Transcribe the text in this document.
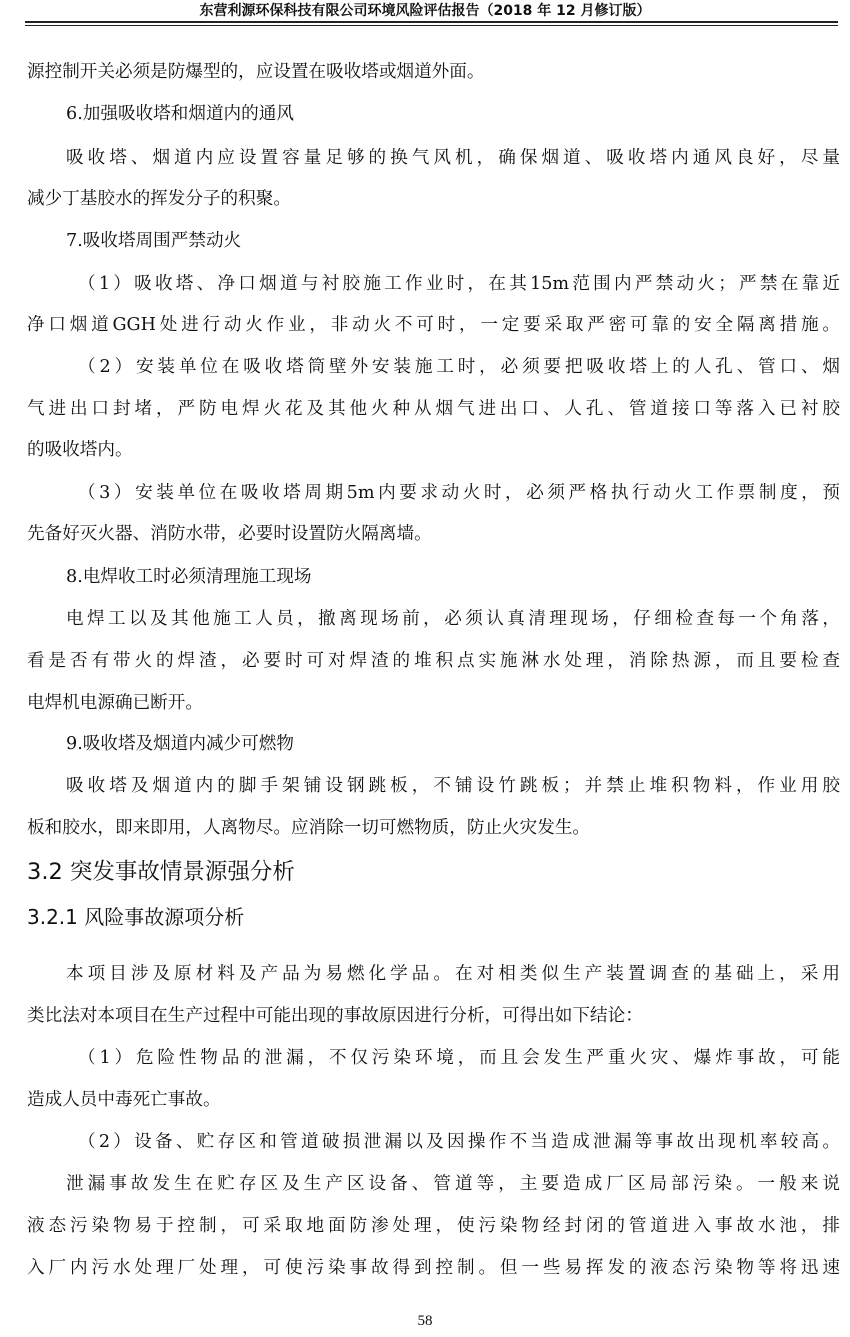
东营利源环保科技有限公司环境风险评估报告（2018 年 12 月修订版）
源控制开关必须是防爆型的，应设置在吸收塔或烟道外面。
6.加强吸收塔和烟道内的通风
吸收塔、烟道内应设置容量足够的换气风机，确保烟道、吸收塔内通风良好，尽量
减少丁基胶水的挥发分子的积聚。
7.吸收塔周围严禁动火
（1）吸收塔、净口烟道与衬胶施工作业时，在其15m范围内严禁动火；严禁在靠近
净口烟道GGH处进行动火作业，非动火不可时，一定要采取严密可靠的安全隔离措施。
（2）安装单位在吸收塔筒壁外安装施工时，必须要把吸收塔上的人孔、管口、烟
气进出口封堵，严防电焊火花及其他火种从烟气进出口、人孔、管道接口等落入已衬胶
的吸收塔内。
（3）安装单位在吸收塔周期5m内要求动火时，必须严格执行动火工作票制度，预
先备好灭火器、消防水带，必要时设置防火隔离墙。
8.电焊收工时必须清理施工现场
电焊工以及其他施工人员，撤离现场前，必须认真清理现场，仔细检查每一个角落，
看是否有带火的焊渣，必要时可对焊渣的堆积点实施淋水处理，消除热源，而且要检查
电焊机电源确已断开。
9.吸收塔及烟道内减少可燃物
吸收塔及烟道内的脚手架铺设钢跳板，不铺设竹跳板；并禁止堆积物料，作业用胶
板和胶水，即来即用，人离物尽。应消除一切可燃物质，防止火灾发生。
3.2 突发事故情景源强分析
3.2.1 风险事故源项分析
本项目涉及原材料及产品为易燃化学品。在对相类似生产装置调查的基础上，采用
类比法对本项目在生产过程中可能出现的事故原因进行分析，可得出如下结论：
（1）危险性物品的泄漏，不仅污染环境，而且会发生严重火灾、爆炸事故，可能
造成人员中毒死亡事故。
（2）设备、贮存区和管道破损泄漏以及因操作不当造成泄漏等事故出现机率较高。
泄漏事故发生在贮存区及生产区设备、管道等，主要造成厂区局部污染。一般来说
液态污染物易于控制，可采取地面防渗处理，使污染物经封闭的管道进入事故水池，排
入厂内污水处理厂处理，可使污染事故得到控制。但一些易挥发的液态污染物等将迅速
58
